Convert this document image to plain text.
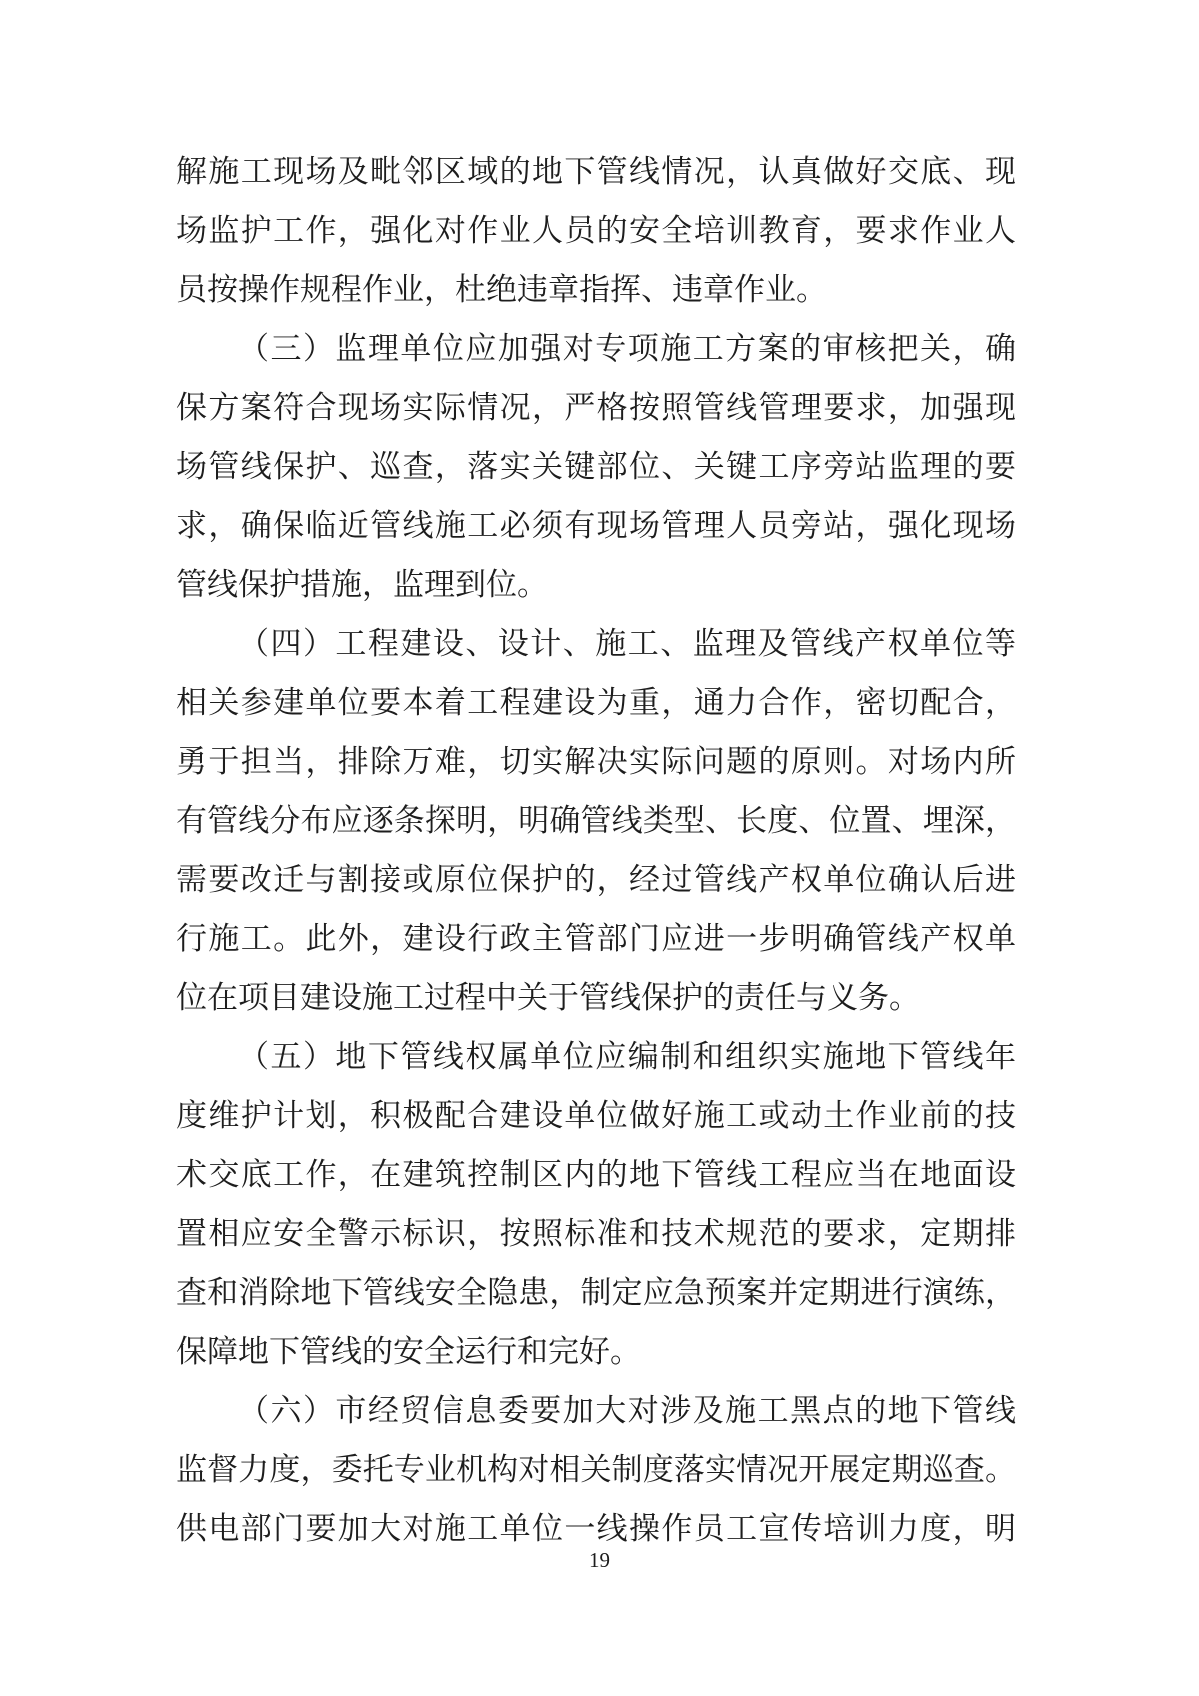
解施工现场及毗邻区域的地下管线情况，认真做好交底、现
场监护工作，强化对作业人员的安全培训教育，要求作业人
员按操作规程作业，杜绝违章指挥、违章作业。
（三）监理单位应加强对专项施工方案的审核把关，确
保方案符合现场实际情况，严格按照管线管理要求，加强现
场管线保护、巡查，落实关键部位、关键工序旁站监理的要
求，确保临近管线施工必须有现场管理人员旁站，强化现场
管线保护措施，监理到位。
（四）工程建设、设计、施工、监理及管线产权单位等
相关参建单位要本着工程建设为重，通力合作，密切配合，
勇于担当，排除万难，切实解决实际问题的原则。对场内所
有管线分布应逐条探明，明确管线类型、长度、位置、埋深，
需要改迁与割接或原位保护的，经过管线产权单位确认后进
行施工。此外，建设行政主管部门应进一步明确管线产权单
位在项目建设施工过程中关于管线保护的责任与义务。
（五）地下管线权属单位应编制和组织实施地下管线年
度维护计划，积极配合建设单位做好施工或动土作业前的技
术交底工作，在建筑控制区内的地下管线工程应当在地面设
置相应安全警示标识，按照标准和技术规范的要求，定期排
查和消除地下管线安全隐患，制定应急预案并定期进行演练，
保障地下管线的安全运行和完好。
（六）市经贸信息委要加大对涉及施工黑点的地下管线
监督力度，委托专业机构对相关制度落实情况开展定期巡查。
供电部门要加大对施工单位一线操作员工宣传培训力度，明
19
